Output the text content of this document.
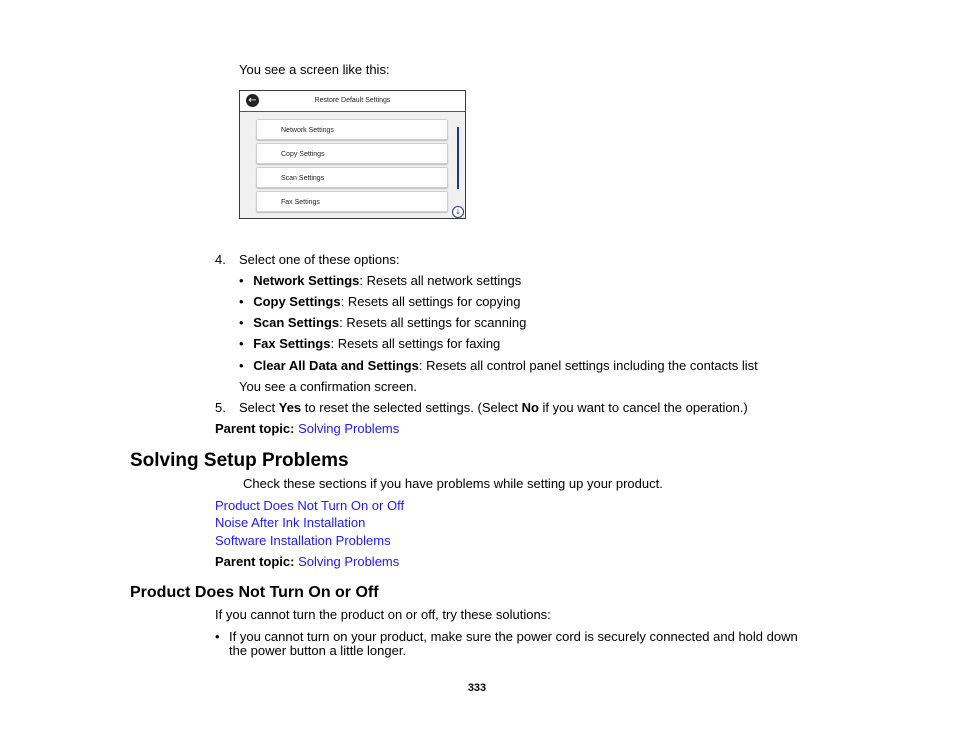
You see a screen like this:
←	Restore Default Settings
Network Settings
Copy Settings
Scan Settings
Fax Settings
↓
4. Select one of these options:
• Network Settings: Resets all network settings
• Copy Settings: Resets all settings for copying
• Scan Settings: Resets all settings for scanning
• Fax Settings: Resets all settings for faxing
• Clear All Data and Settings: Resets all control panel settings including the contacts list
You see a confirmation screen.
5. Select Yes to reset the selected settings. (Select No if you want to cancel the operation.)
Parent topic: Solving Problems
Solving Setup Problems
Check these sections if you have problems while setting up your product.
Product Does Not Turn On or Off
Noise After Ink Installation
Software Installation Problems
Parent topic: Solving Problems
Product Does Not Turn On or Off
If you cannot turn the product on or off, try these solutions:
• If you cannot turn on your product, make sure the power cord is securely connected and hold down
the power button a little longer.
333
